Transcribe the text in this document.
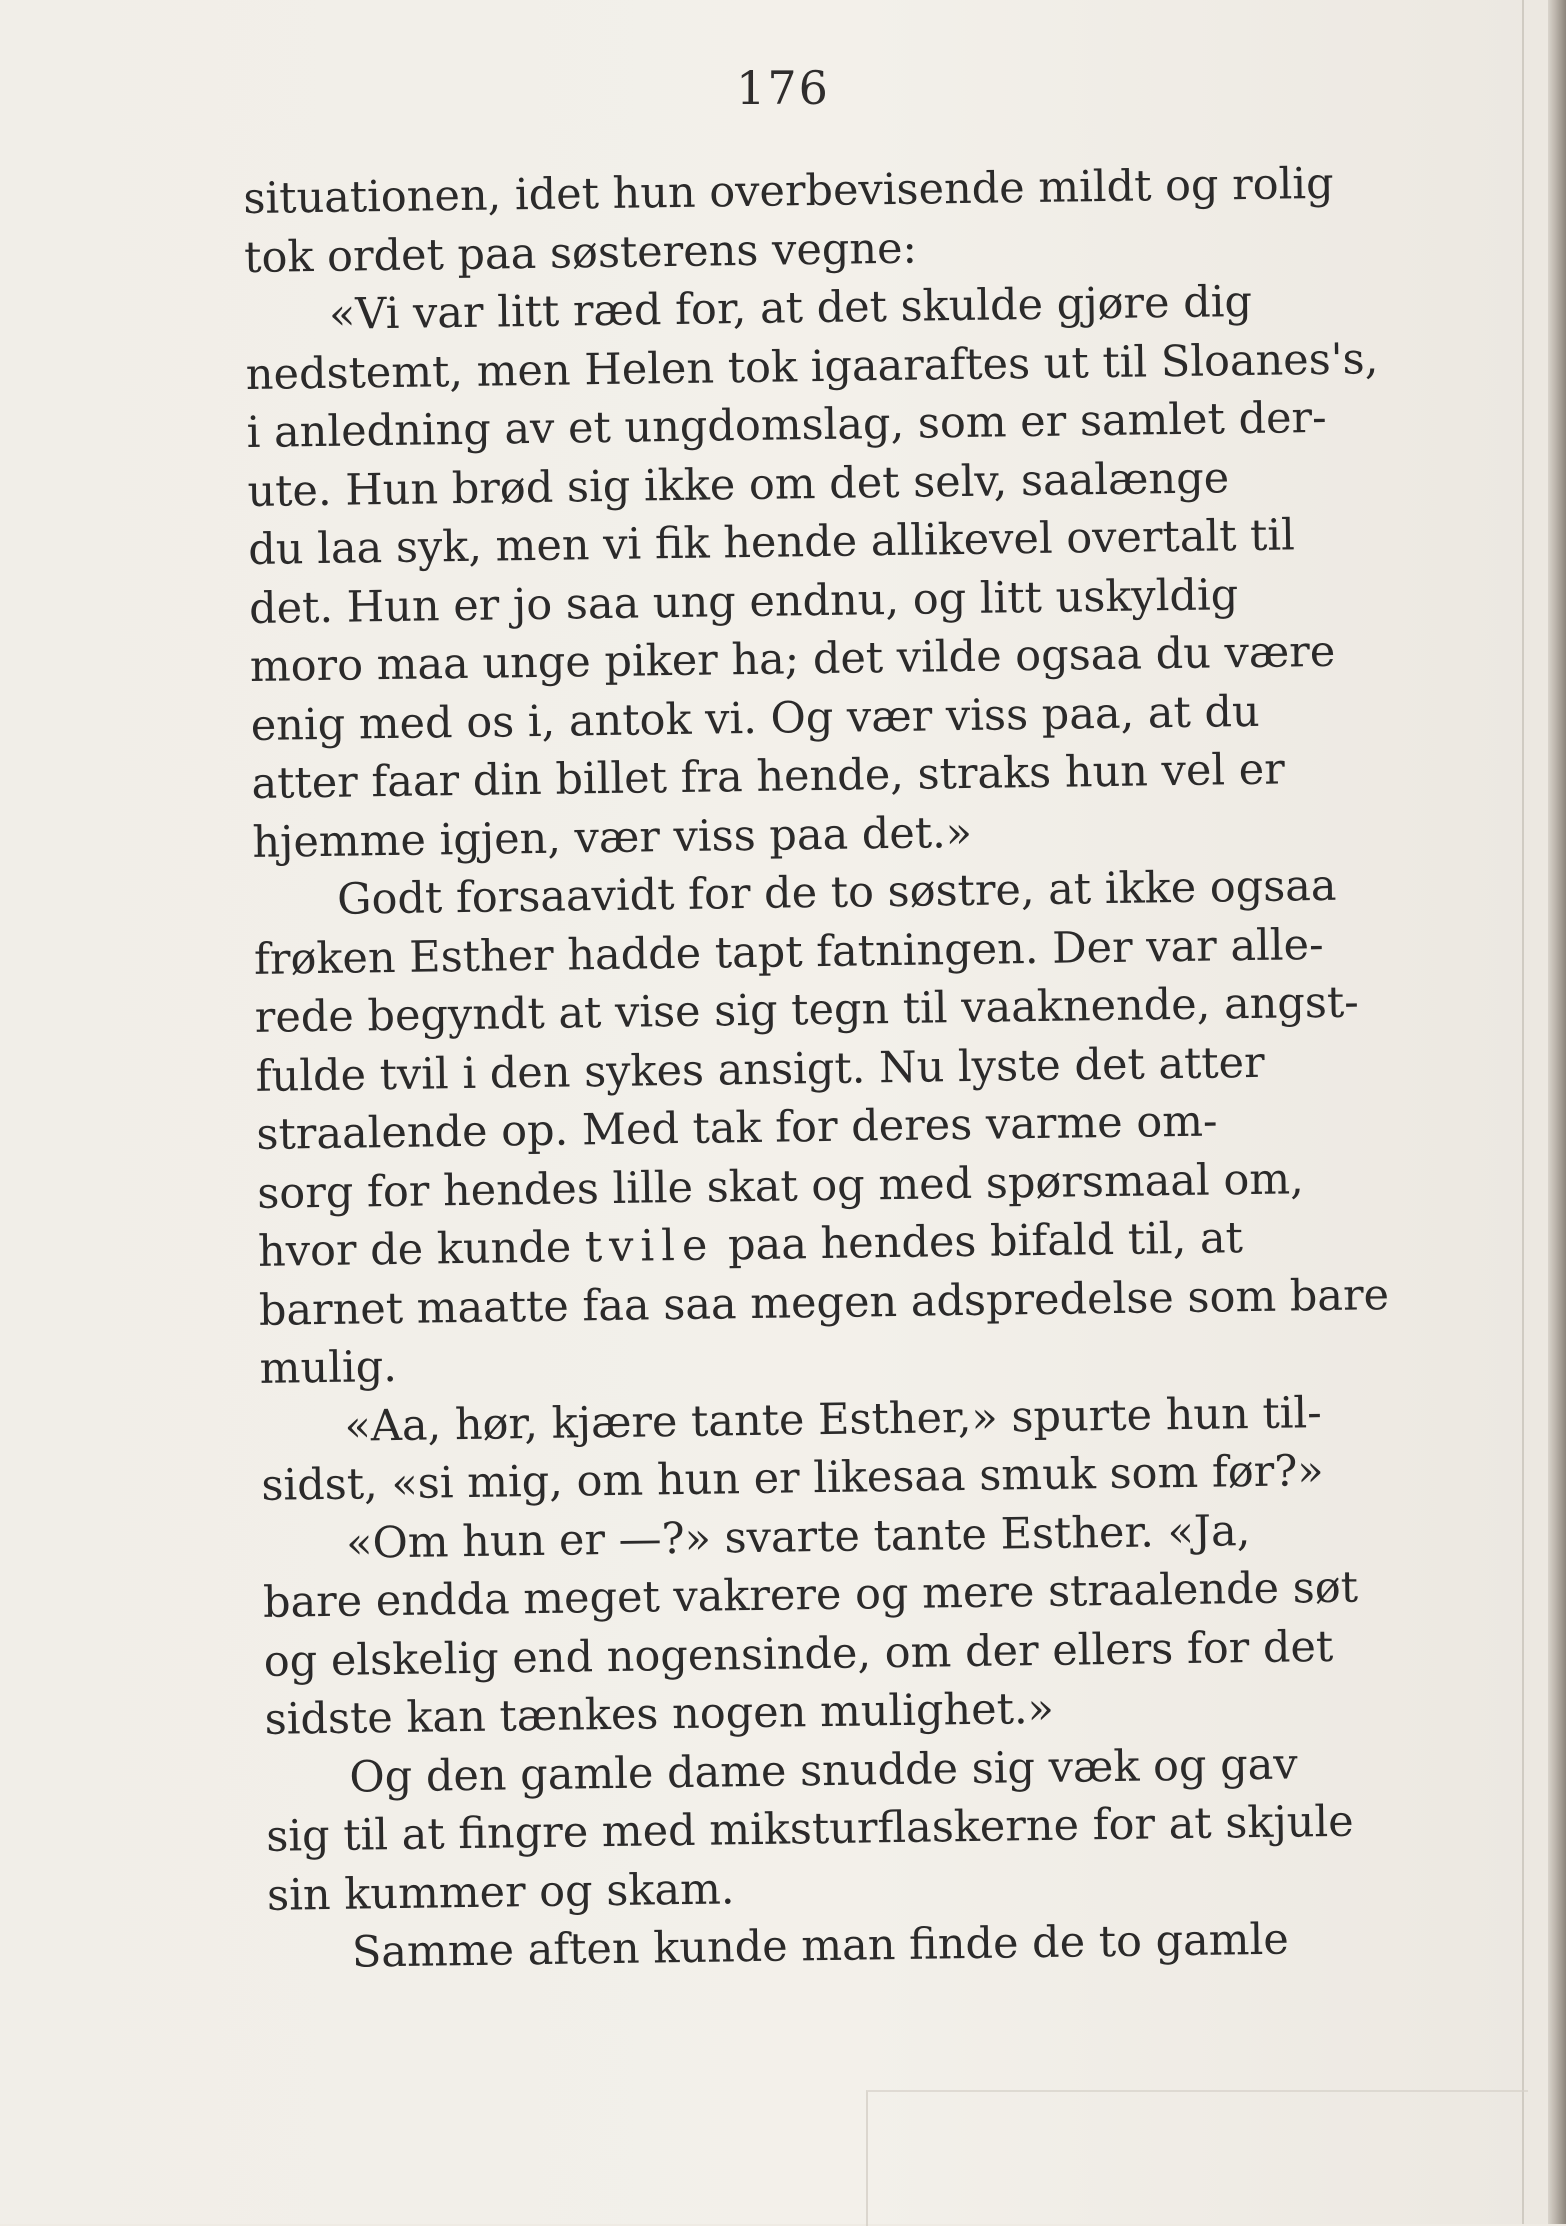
176
situationen, idet hun overbevisende mildt og rolig
tok ordet paa søsterens vegne:
«Vi var litt ræd for, at det skulde gjøre dig
nedstemt, men Helen tok igaaraftes ut til Sloanes's,
i anledning av et ungdomslag, som er samlet der-
ute. Hun brød sig ikke om det selv, saalænge
du laa syk, men vi fik hende allikevel overtalt til
det. Hun er jo saa ung endnu, og litt uskyldig
moro maa unge piker ha; det vilde ogsaa du være
enig med os i, antok vi. Og vær viss paa, at du
atter faar din billet fra hende, straks hun vel er
hjemme igjen, vær viss paa det.»
Godt forsaavidt for de to søstre, at ikke ogsaa
frøken Esther hadde tapt fatningen. Der var alle-
rede begyndt at vise sig tegn til vaaknende, angst-
fulde tvil i den sykes ansigt. Nu lyste det atter
straalende op. Med tak for deres varme om-
sorg for hendes lille skat og med spørsmaal om,
hvor de kunde tvile paa hendes bifald til, at
barnet maatte faa saa megen adspredelse som bare
mulig.
«Aa, hør, kjære tante Esther,» spurte hun til-
sidst, «si mig, om hun er likesaa smuk som før?»
«Om hun er —?» svarte tante Esther. «Ja,
bare endda meget vakrere og mere straalende søt
og elskelig end nogensinde, om der ellers for det
sidste kan tænkes nogen mulighet.»
Og den gamle dame snudde sig væk og gav
sig til at fingre med miksturflaskerne for at skjule
sin kummer og skam.
Samme aften kunde man finde de to gamle
